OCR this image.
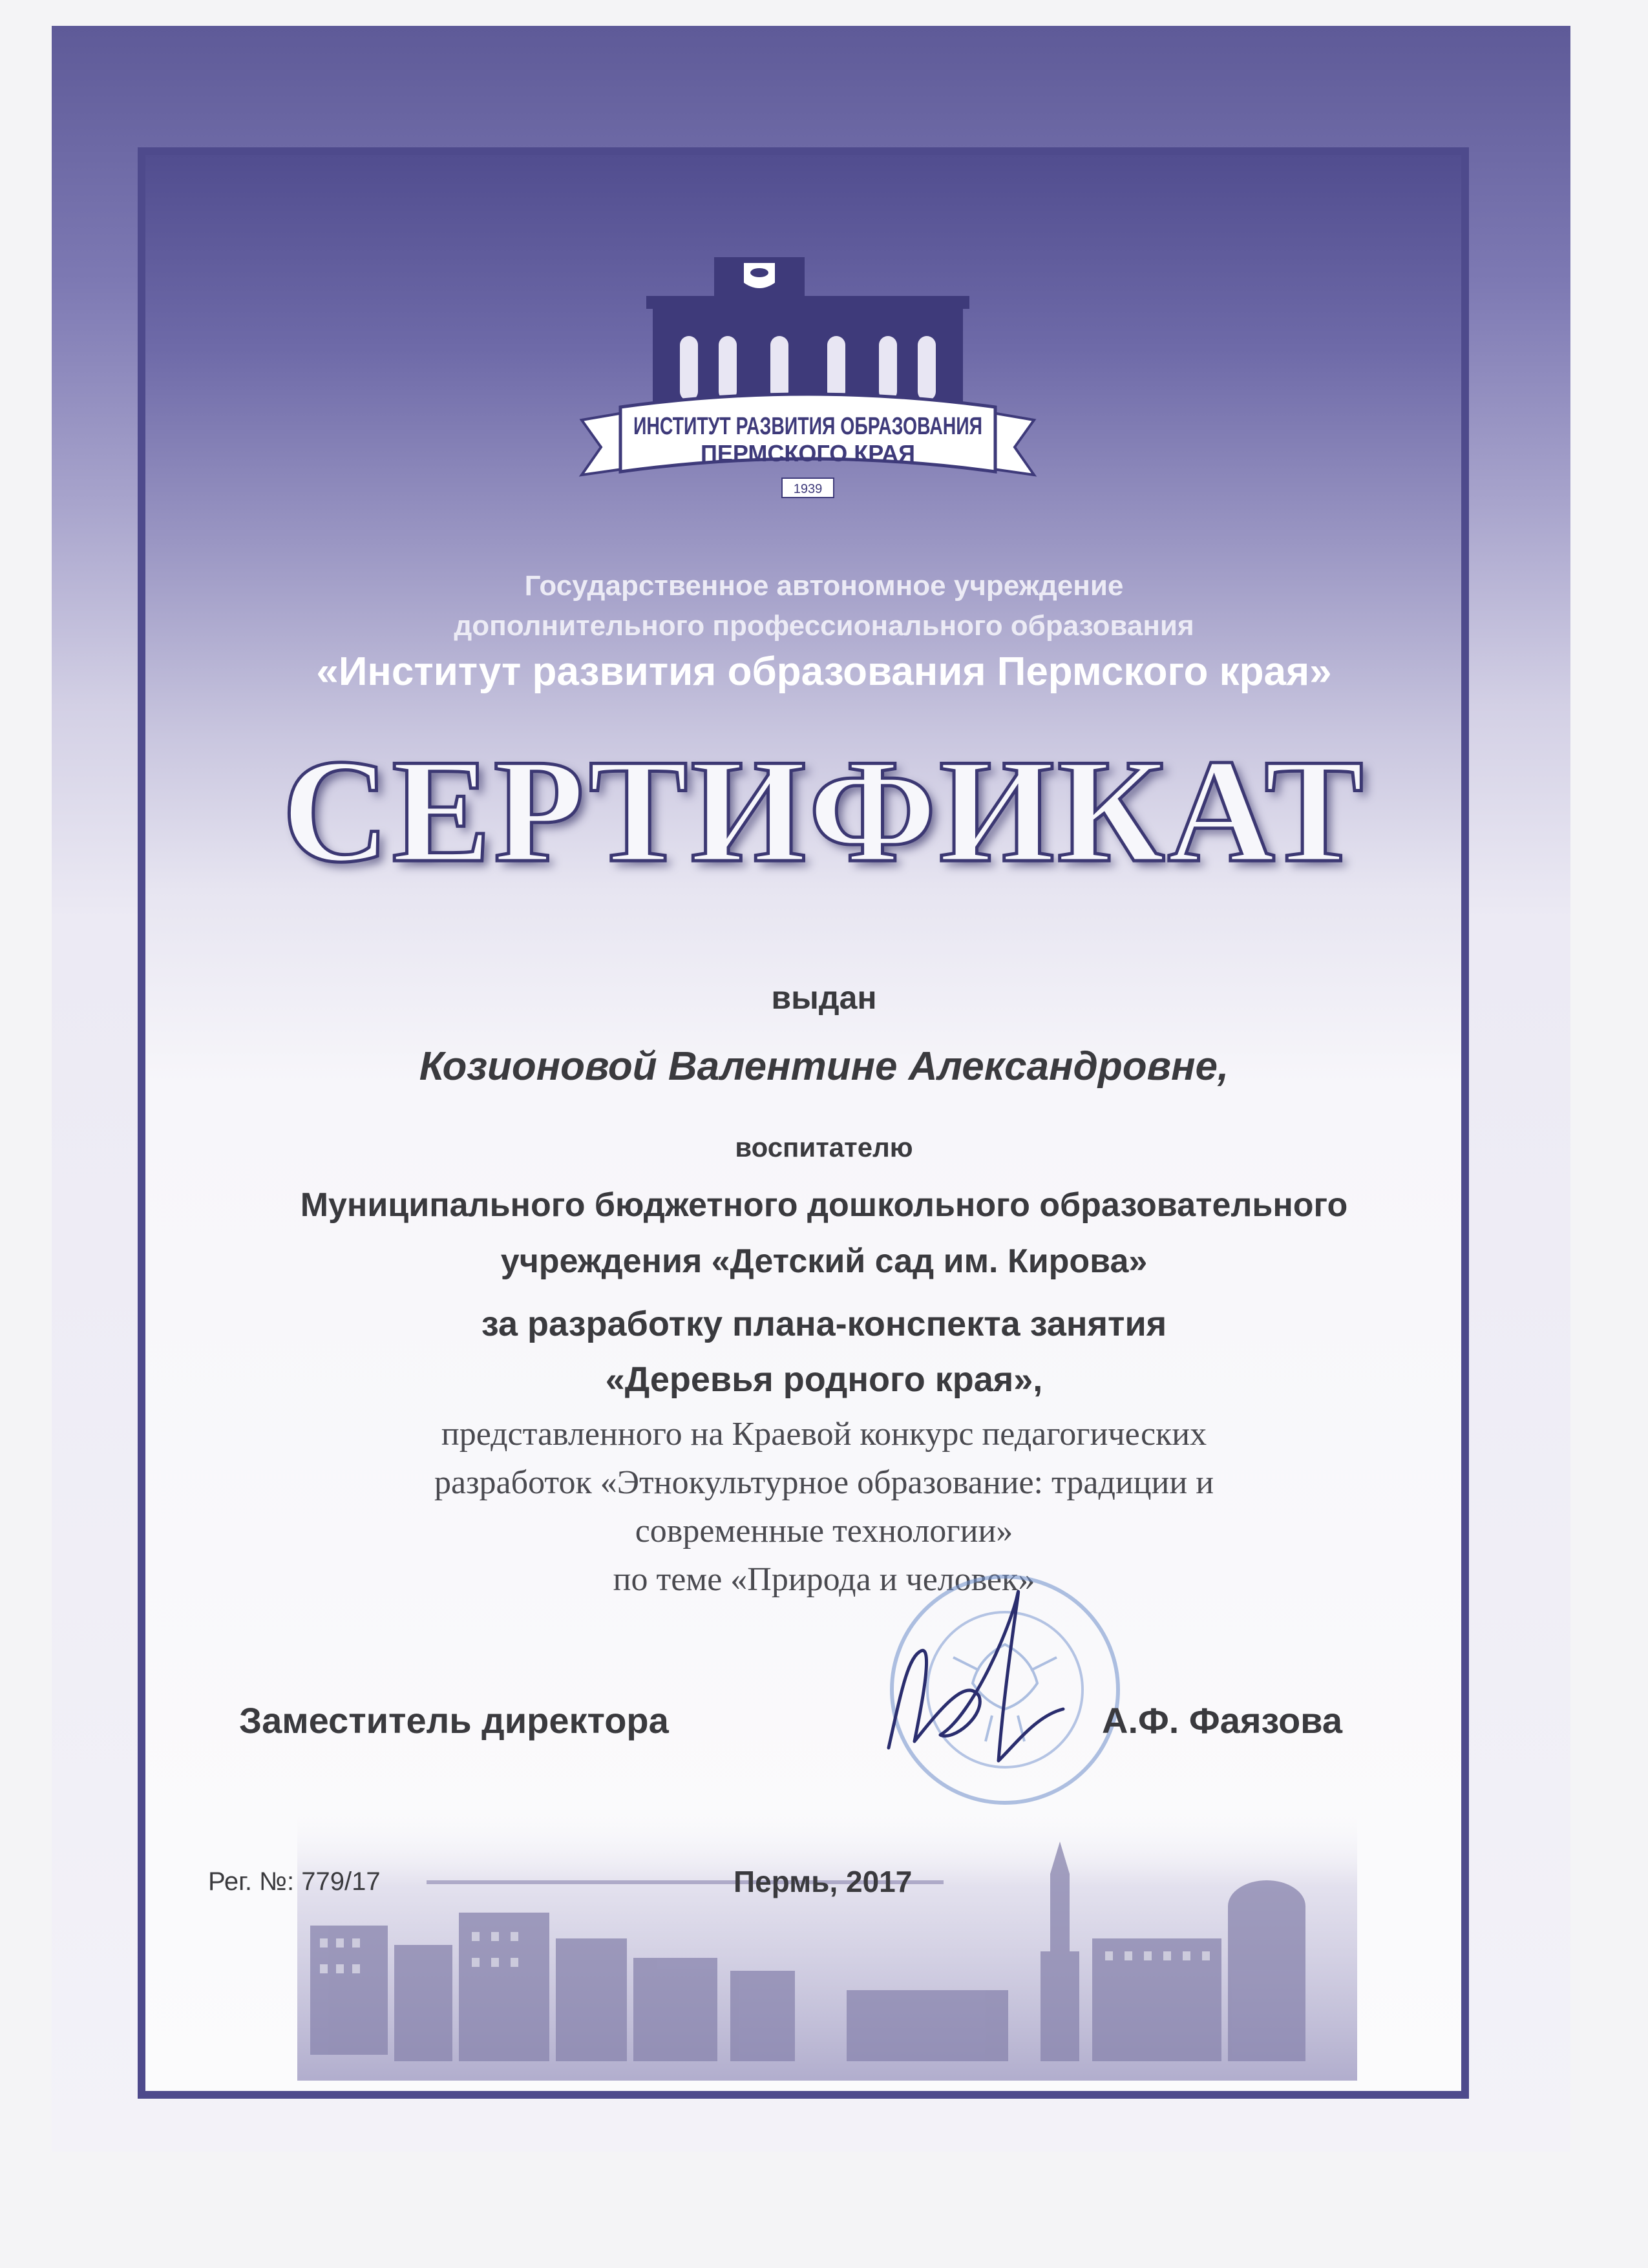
ИНСТИТУТ РАЗВИТИЯ ОБРАЗОВАНИЯ
ПЕРМСКОГО КРАЯ
1939
Государственное автономное учреждение
дополнительного профессионального образования
«Институт развития образования Пермского края»
СЕРТИФИКАТ
выдан
Козионовой Валентине Александровне,
воспитателю
Муниципального бюджетного дошкольного образовательного
учреждения «Детский сад им. Кирова»
за разработку плана-конспекта занятия
«Деревья родного края»,
представленного на Краевой конкурс педагогических
разработок «Этнокультурное образование: традиции и
современные технологии»
по теме «Природа и человек»
Заместитель директора	А.Ф. Фаязова
Рег. №: 779/17	Пермь, 2017
